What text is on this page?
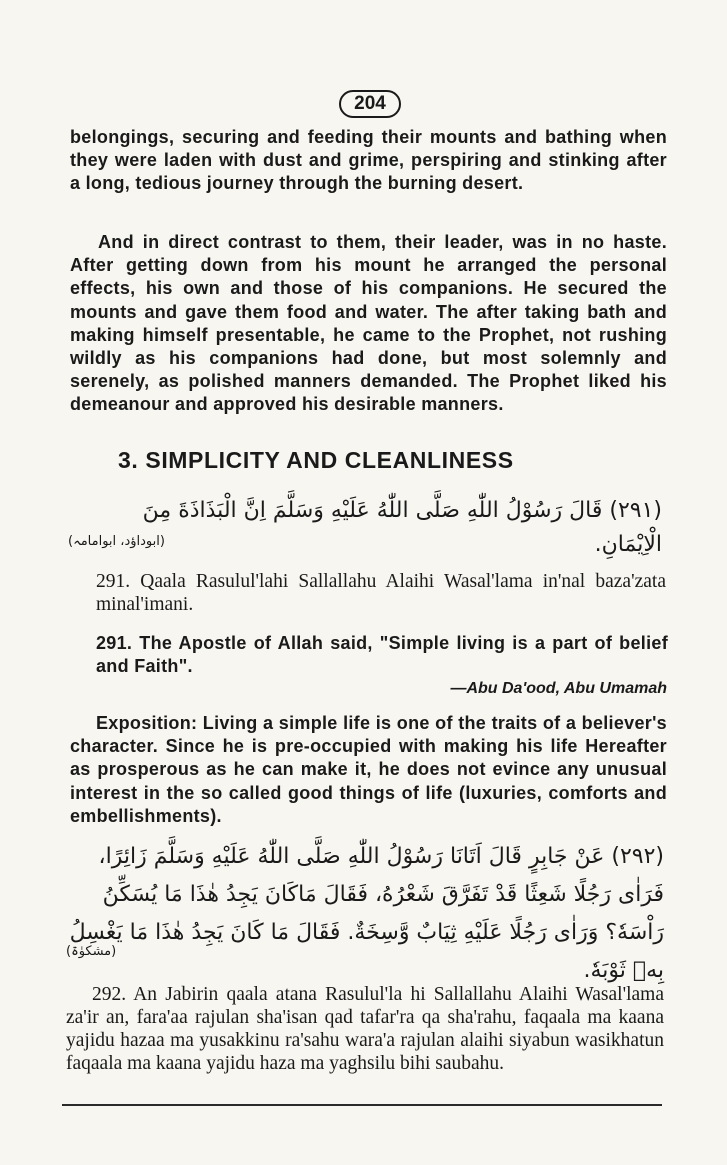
204

belongings, securing and feeding their mounts and bathing when they were laden with dust and grime, perspiring and stinking after a long, tedious journey through the burning desert.

And in direct contrast to them, their leader, was in no haste. After getting down from his mount he arranged the personal effects, his own and those of his companions. He secured the mounts and gave them food and water. The after taking bath and making himself presentable, he came to the Prophet, not rushing wildly as his companions had done, but most solemnly and serenely, as polished manners demanded. The Prophet liked his demeanour and approved his desirable manners.

3. SIMPLICITY AND CLEANLINESS

(۲۹۱) قَالَ رَسُوْلُ اللّٰهِ صَلَّى اللّٰهُ عَلَيْهِ وَسَلَّمَ اِنَّ الْبَذَاذَةَ مِنَ الْاِيْمَانِ.

(ابوداؤد، ابوامامہ)

291. Qaala Rasulul'lahi Sallallahu Alaihi Wasal'lama in'nal baza'zata minal'imani.

291. The Apostle of Allah said, "Simple living is a part of belief and Faith".

—Abu Da'ood, Abu Umamah

Exposition: Living a simple life is one of the traits of a believer's character. Since he is pre-occupied with making his life Hereafter as prosperous as he can make it, he does not evince any unusual interest in the so called good things of life (luxuries, comforts and embellishments).

(۲۹۲) عَنْ جَابِرٍ قَالَ اَتَانَا رَسُوْلُ اللّٰهِ صَلَّى اللّٰهُ عَلَيْهِ وَسَلَّمَ زَائِرًا، فَرَاٰى رَجُلًا شَعِثًا قَدْ تَفَرَّقَ شَعْرُهُ، فَقَالَ مَاكَانَ يَجِدُ هٰذَا مَا يُسَكِّنُ رَاْسَهٗ؟ وَرَاٰى رَجُلًا عَلَيْهِ ثِيَابٌ وَّسِخَةٌ. فَقَالَ مَا كَانَ يَجِدُ هٰذَا مَا يَغْسِلُ بِهٖ ثَوْبَهٗ.

(مشکوٰۃ)

292. An Jabirin qaala atana Rasulul'la hi Sallallahu Alaihi Wasal'lama za'ir an, fara'aa rajulan sha'isan qad tafar'ra qa sha'rahu, faqaala ma kaana yajidu hazaa ma yusakkinu ra'sahu wara'a rajulan alaihi siyabun wasikhatun faqaala ma kaana yajidu haza ma yaghsilu bihi saubahu.
